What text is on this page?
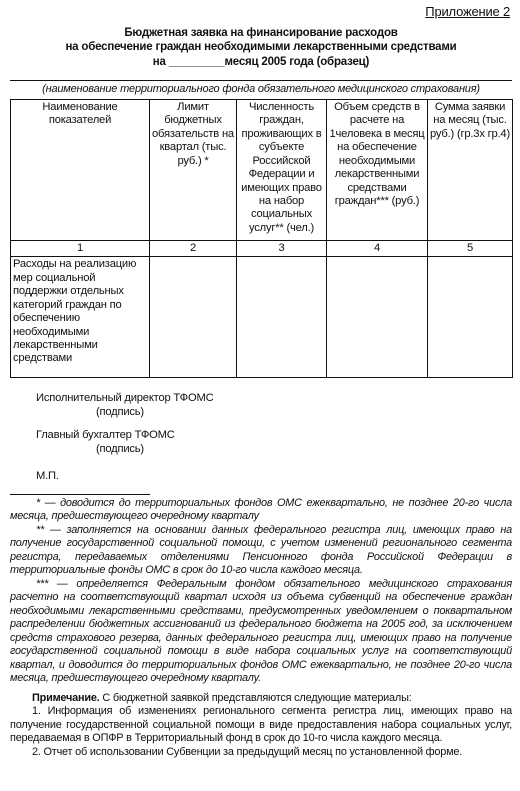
Приложение 2
Бюджетная заявка на финансирование расходов
на обеспечение граждан необходимыми лекарственными средствами
на _________месяц 2005 года (образец)
(наименование территориального фонда обязательного медицинского страхования)
Наименование показателей	Лимит бюджетных обязательств на квартал (тыс. руб.) *	Численность граждан, проживающих в субъекте Российской Федерации и имеющих право на набор социальных услуг** (чел.)	Объем средств в расчете на 1человека в месяц на обеспечение необходимыми лекарственными средствами граждан*** (руб.)	Сумма заявки на месяц (тыс. руб.) (гр.3х гр.4)
1	2	3	4	5
Расходы на реализацию мер социальной поддержки отдельных категорий граждан по обеспечению необходимыми лекарственными средствами				
Исполнительный директор ТФОМС
(подпись)
Главный бухгалтер ТФОМС
(подпись)
М.П.

* — доводится до территориальных фондов ОМС ежеквартально, не позднее 20-го числа месяца, предшествующего очередному кварталу

** — заполняется на основании данных федерального регистра лиц, имеющих право на получение государственной социальной помощи, с учетом изменений регионального сегмента регистра, передаваемых отделениями Пенсионного фонда Российской Федерации в территориальные фонды ОМС в срок до 10-го числа каждого месяца.

*** — определяется Федеральным фондом обязательного медицинского страхования расчетно на соответствующий квартал исходя из объема субвенций на обеспечение граждан необходимыми лекарственными средствами, предусмотренных уведомлением о поквартальном распределении бюджетных ассигнований из федерального бюджета на 2005 год, за исключением средств страхового резерва, данных федерального регистра лиц, имеющих право на получение государственной социальной помощи в виде набора социальных услуг на соответствующий квартал, и доводится до территориальных фондов ОМС ежеквартально, не позднее 20-го числа месяца, предшествующего очередному кварталу.

Примечание. С бюджетной заявкой представляются следующие материалы:

1. Информация об изменениях регионального сегмента регистра лиц, имеющих право на получение государственной социальной помощи в виде предоставления набора социальных услуг, передаваемая в ОПФР в Территориальный фонд в срок до 10-го числа каждого месяца.

2. Отчет об использовании Субвенции за предыдущий месяц по установленной форме.
